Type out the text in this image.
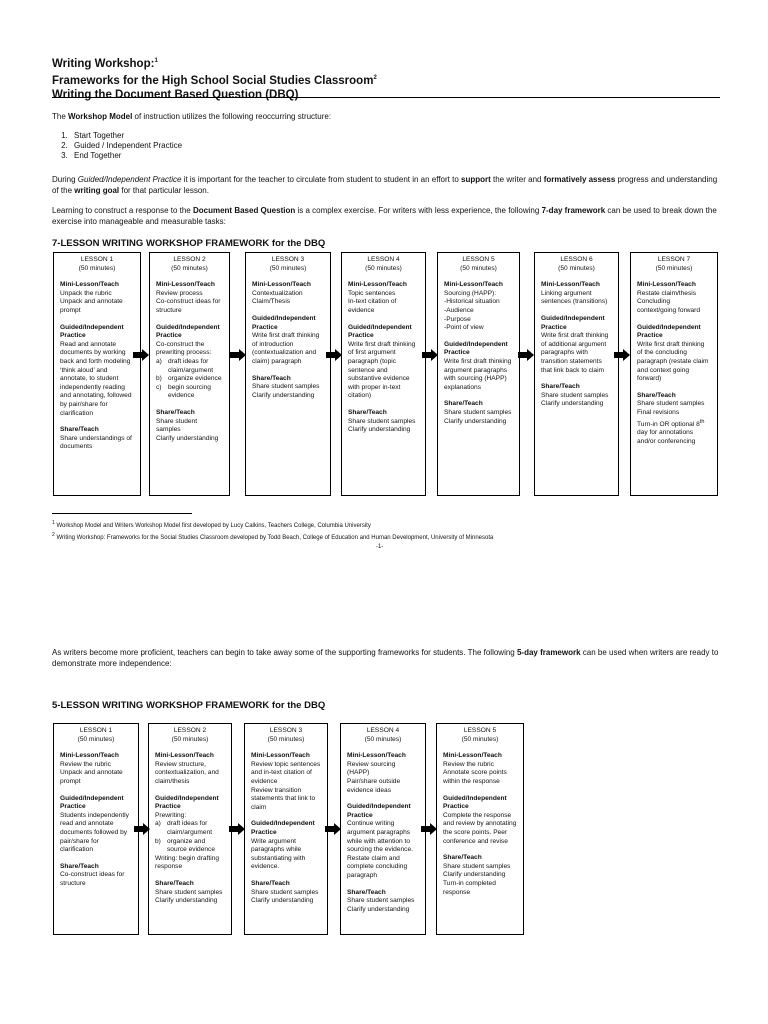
Writing Workshop:$^1$
Frameworks for the High School Social Studies Classroom$^2$
Writing the Document Based Question (DBQ)
The Workshop Model of instruction utilizes the following reoccurring structure:
1. Start Together
2. Guided / Independent Practice
3. End Together
During Guided/Independent Practice it is important for the teacher to circulate from student to student in an effort to support the writer and formatively assess progress and understanding of the writing goal for that particular lesson.
Learning to construct a response to the Document Based Question is a complex exercise. For writers with less experience, the following 7-day framework can be used to break down the exercise into manageable and measurable tasks:
7-LESSON WRITING WORKSHOP FRAMEWORK for the DBQ
LESSON 1
(50 minutes)
Mini-Lesson/Teach
Unpack the rubric
Unpack and annotate prompt
Guided/Independent Practice
Read and annotate documents by working back and forth modeling ‘think aloud’ and annotate, to student independently reading and annotating, followed by pair/share for clarification
Share/Teach
Share understandings of documents
LESSON 2
(50 minutes)
Mini-Lesson/Teach
Review process
Co-construct ideas for structure
Guided/Independent Practice
Co-construct the prewriting process:
a) draft ideas for claim/argument
b) organize evidence
c) begin sourcing evidence
Share/Teach
Share student samples
Clarify understanding
LESSON 3
(50 minutes)
Mini-Lesson/Teach
Contextualization
Claim/Thesis
Guided/Independent Practice
Write first draft thinking of introduction (contextualization and claim) paragraph
Share/Teach
Share student samples
Clarify understanding
LESSON 4
(50 minutes)
Mini-Lesson/Teach
Topic sentences
In-text citation of evidence
Guided/Independent Practice
Write first draft thinking of first argument paragraph (topic sentence and substantive evidence with proper in-text citation)
Share/Teach
Share student samples
Clarify understanding
LESSON 5
(50 minutes)
Mini-Lesson/Teach
Sourcing (HAPP):
-Historical situation
-Audience
-Purpose
-Point of view
Guided/Independent Practice
Write first draft thinking argument paragraphs with sourcing (HAPP) explanations
Share/Teach
Share student samples
Clarify understanding
LESSON 6
(50 minutes)
Mini-Lesson/Teach
Linking argument sentences (transitions)
Guided/Independent Practice
Write first draft thinking of additional argument paragraphs with transition statements that link back to claim
Share/Teach
Share student samples
Clarify understanding
LESSON 7
(50 minutes)
Mini-Lesson/Teach
Restate claim/thesis
Concluding context/going forward
Guided/Independent Practice
Write first draft thinking of the concluding paragraph (restate claim and context going forward)
Share/Teach
Share student samples
Final revisions
Turn-in OR optional 8th day for annotations and/or conferencing
$^1$ Workshop Model and Writers Workshop Model first developed by Lucy Calkins, Teachers College, Columbia University
$^2$ Writing Workshop: Frameworks for the Social Studies Classroom developed by Todd Beach, College of Education and Human Development, University of Minnesota
-1-
As writers become more proficient, teachers can begin to take away some of the supporting frameworks for students. The following 5-day framework can be used when writers are ready to demonstrate more independence:
5-LESSON WRITING WORKSHOP FRAMEWORK for the DBQ
LESSON 1
(50 minutes)
Mini-Lesson/Teach
Review the rubric
Unpack and annotate prompt
Guided/Independent Practice
Students independently read and annotate documents followed by pair/share for clarification
Share/Teach
Co-construct ideas for structure
LESSON 2
(50 minutes)
Mini-Lesson/Teach
Review structure, contextualization, and claim/thesis
Guided/Independent Practice
Prewriting:
a) draft ideas for claim/argument
b) organize and source evidence
Writing: begin drafting response
Share/Teach
Share student samples
Clarify understanding
LESSON 3
(50 minutes)
Mini-Lesson/Teach
Review topic sentences and in-text citation of evidence
Review transition statements that link to claim
Guided/Independent Practice
Write argument paragraphs while substantiating with evidence.
Share/Teach
Share student samples
Clarify understanding
LESSON 4
(50 minutes)
Mini-Lesson/Teach
Review sourcing (HAPP)
Pair/share outside evidence ideas
Guided/Independent Practice
Continue writing argument paragraphs while with attention to sourcing the evidence.
Restate claim and complete concluding paragraph
Share/Teach
Share student samples
Clarify understanding
LESSON 5
(50 minutes)
Mini-Lesson/Teach
Review the rubric
Annotate score points within the response
Guided/Independent Practice
Complete the response and review by annotating the score points. Peer conference and revise
Share/Teach
Share student samples
Clarify understanding
Turn-in completed response
